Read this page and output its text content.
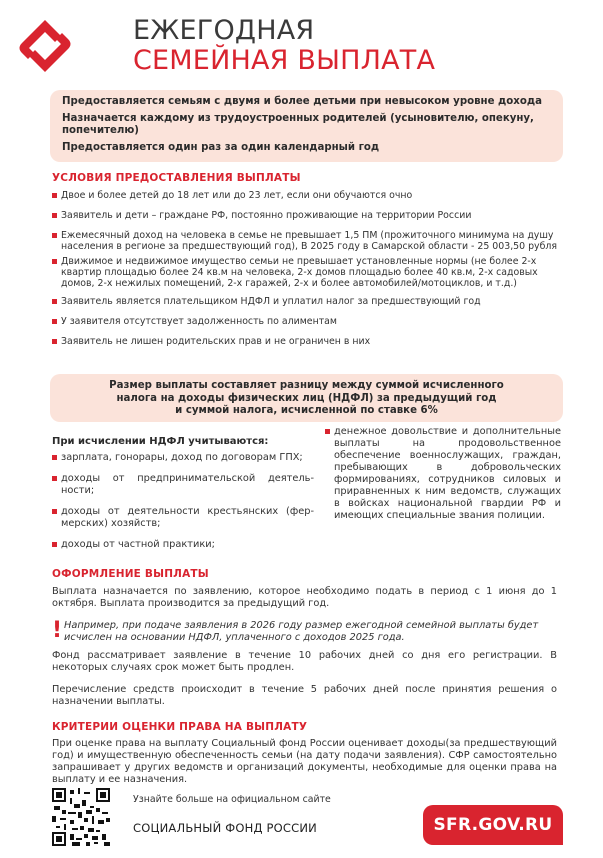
ЕЖЕГОДНАЯ
СЕМЕЙНАЯ ВЫПЛАТА

Предоставляется семьям с двумя и более детьми при невысоком уровне дохода

Назначается каждому из трудоустроенных родителей (усыновителю, опекуну, попечителю)

Предоставляется один раз за один календарный год

УСЛОВИЯ ПРЕДОСТАВЛЕНИЯ ВЫПЛАТЫ
Двое и более детей до 18 лет или до 23 лет, если они обучаются очно
Заявитель и дети – граждане РФ, постоянно проживающие на территории России
Ежемесячный доход на человека в семье не превышает 1,5 ПМ (прожиточного минимума на душу населения в регионе за предшествующий год), В 2025 году в Самарской области - 25 003,50 рубля
Движимое и недвижимое имущество семьи не превышает установленные нормы (не более 2-х квартир площадью более 24 кв.м на человека, 2-х домов площадью более 40 кв.м, 2-х садовых домов, 2-х нежилых помещений, 2-х гаражей, 2-х и более автомобилей/мотоциклов, и т.д.)
Заявитель является плательщиком НДФЛ и уплатил налог за предшествующий год
У заявителя отсутствует задолженность по алиментам
Заявитель не лишен родительских прав и не ограничен в них
Размер выплаты составляет разницу между суммой исчисленного
налога на доходы физических лиц (НДФЛ) за предыдущий год
и суммой налога, исчисленной по ставке 6%
При исчислении НДФЛ учитываются:
зарплата, гонорары, доход по договорам ГПХ;
доходы от предпринимательской деятельности;
доходы от деятельности крестьянских (фермерских) хозяйств;
доходы от частной практики;
денежное довольствие и дополнительные выплаты на продовольственное обеспечение военнослужащих, граждан, пребывающих в добровольческих формированиях, сотрудников силовых и приравненных к ним ведомств, служащих в войсках национальной гвардии РФ и имеющих специальные звания полиции.
ОФОРМЛЕНИЕ ВЫПЛАТЫ
Выплата назначается по заявлению, которое необходимо подать в период с 1 июня до 1 октября. Выплата производится за предыдущий год.
! Например, при подаче заявления в 2026 году размер ежегодной семейной выплаты будет исчислен на основании НДФЛ, уплаченного с доходов 2025 года.
Фонд рассматривает заявление в течение 10 рабочих дней со дня его регистрации. В некоторых случаях срок может быть продлен.
Перечисление средств происходит в течение 5 рабочих дней после принятия решения о назначении выплаты.
КРИТЕРИИ ОЦЕНКИ ПРАВА НА ВЫПЛАТУ
При оценке права на выплату Социальный фонд России оценивает доходы(за предшествующий год) и имущественную обеспеченность семьи (на дату подачи заявления). СФР самостоятельно запрашивает у других ведомств и организаций документы, необходимые для оценки права на выплату и ее назначения.
Узнайте больше на официальном сайте
СОЦИАЛЬНЫЙ ФОНД РОССИИ	SFR.GOV.RU
